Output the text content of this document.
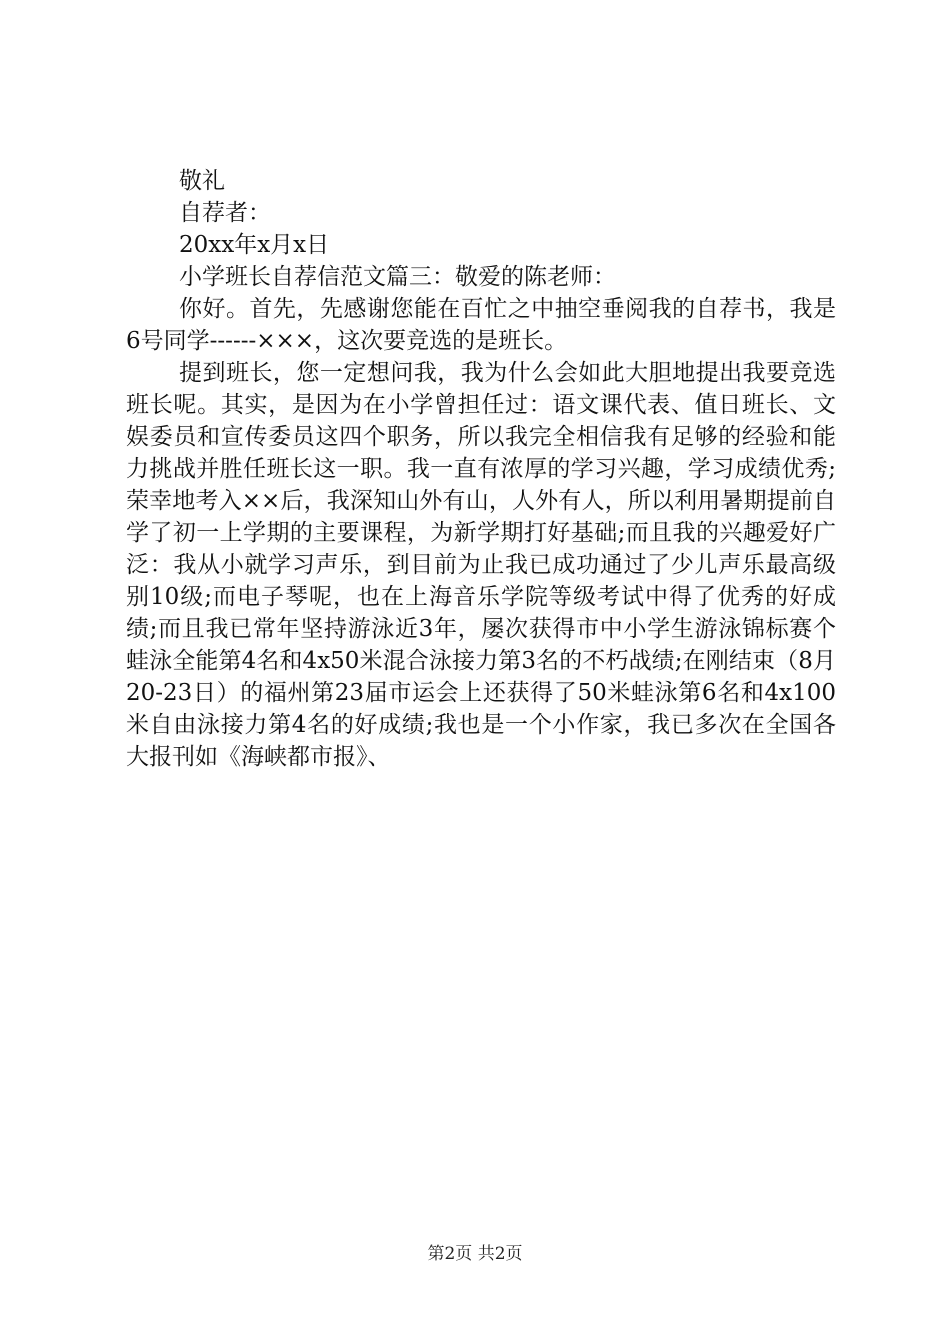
敬礼

自荐者：

20xx年x月x日

小学班长自荐信范文篇三：敬爱的陈老师：

你好。首先，先感谢您能在百忙之中抽空垂阅我的自荐书，我是6号同学------×××，这次要竞选的是班长。

提到班长，您一定想问我，我为什么会如此大胆地提出我要竞选班长呢。其实，是因为在小学曾担任过：语文课代表、值日班长、文娱委员和宣传委员这四个职务，所以我完全相信我有足够的经验和能力挑战并胜任班长这一职。我一直有浓厚的学习兴趣，学习成绩优秀;荣幸地考入××后，我深知山外有山，人外有人，所以利用暑期提前自学了初一上学期的主要课程，为新学期打好基础;而且我的兴趣爱好广泛：我从小就学习声乐，到目前为止我已成功通过了少儿声乐最高级别10级;而电子琴呢，也在上海音乐学院等级考试中得了优秀的好成绩;而且我已常年坚持游泳近3年，屡次获得市中小学生游泳锦标赛个蛙泳全能第4名和4x50米混合泳接力第3名的不朽战绩;在刚结束（8月20-23日）的福州第23届市运会上还获得了50米蛙泳第6名和4x100米自由泳接力第4名的好成绩;我也是一个小作家，我已多次在全国各大报刊如《海峡都市报》、

第2页 共2页
